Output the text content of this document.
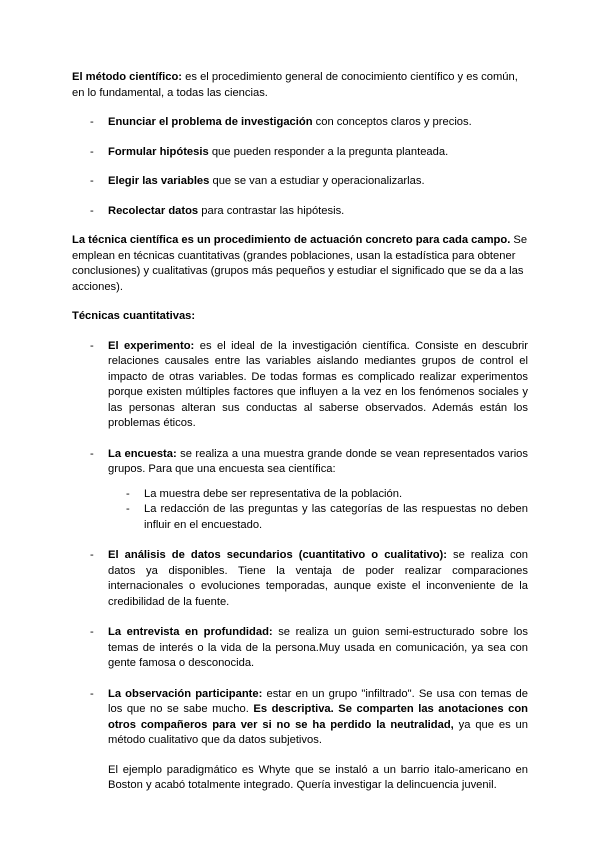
El método científico: es el procedimiento general de conocimiento científico y es común, en lo fundamental, a todas las ciencias.

- Enunciar el problema de investigación con conceptos claros y precios.
- Formular hipótesis que pueden responder a la pregunta planteada.
- Elegir las variables que se van a estudiar y operacionalizarlas.
- Recolectar datos para contrastar las hipótesis.

La técnica científica es un procedimiento de actuación concreto para cada campo. Se emplean en técnicas cuantitativas (grandes poblaciones, usan la estadística para obtener conclusiones) y cualitativas (grupos más pequeños y estudiar el significado que se da a las acciones).

Técnicas cuantitativas:

- El experimento: es el ideal de la investigación científica. Consiste en descubrir relaciones causales entre las variables aislando mediantes grupos de control el impacto de otras variables. De todas formas es complicado realizar experimentos porque existen múltiples factores que influyen a la vez en los fenómenos sociales y las personas alteran sus conductas al saberse observados. Además están los problemas éticos.
- La encuesta: se realiza a una muestra grande donde se vean representados varios grupos. Para que una encuesta sea científica:
- La muestra debe ser representativa de la población.
- La redacción de las preguntas y las categorías de las respuestas no deben influir en el encuestado.
- El análisis de datos secundarios (cuantitativo o cualitativo): se realiza con datos ya disponibles. Tiene la ventaja de poder realizar comparaciones internacionales o evoluciones temporadas, aunque existe el inconveniente de la credibilidad de la fuente.
- La entrevista en profundidad: se realiza un guion semi-estructurado sobre los temas de interés o la vida de la persona.Muy usada en comunicación, ya sea con gente famosa o desconocida.
- La observación participante: estar en un grupo "infiltrado". Se usa con temas de los que no se sabe mucho. Es descriptiva. Se comparten las anotaciones con otros compañeros para ver si no se ha perdido la neutralidad, ya que es un método cualitativo que da datos subjetivos.

El ejemplo paradigmático es Whyte que se instaló a un barrio italo-americano en Boston y acabó totalmente integrado. Quería investigar la delincuencia juvenil.
